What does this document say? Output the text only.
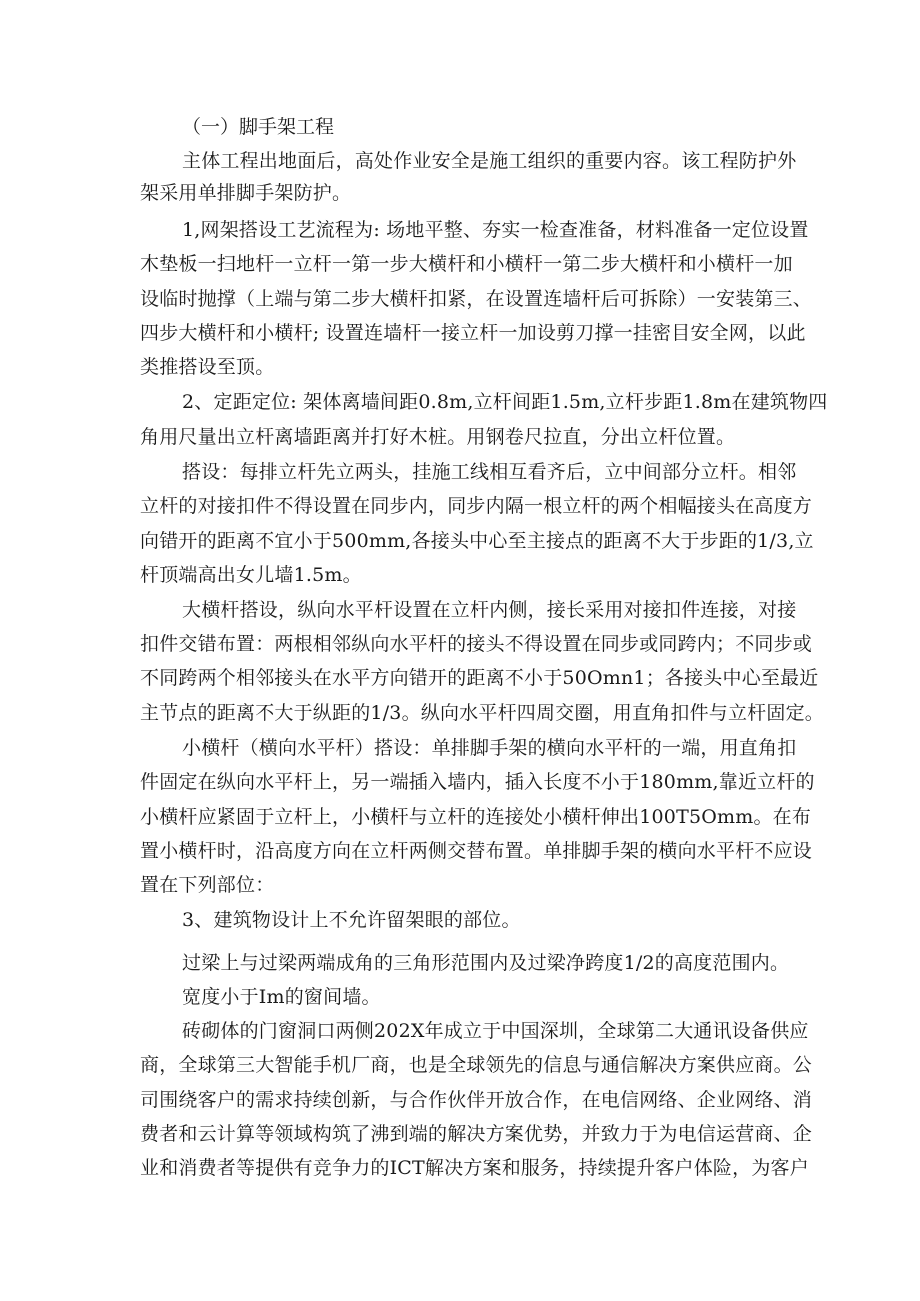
（一）脚手架工程
主体工程出地面后，高处作业安全是施工组织的重要内容。该工程防护外
架采用单排脚手架防护。
1,网架搭设工艺流程为: 场地平整、夯实一检查准备，材料准备一定位设置
木垫板一扫地杆一立杆一第一步大横杆和小横杆一第二步大横杆和小横杆一加
设临时抛撑（上端与第二步大横杆扣紧，在设置连墙杆后可拆除）一安装第三、
四步大横杆和小横杆; 设置连墙杆一接立杆一加设剪刀撑一挂密目安全网，以此
类推搭设至顶。
2、定距定位: 架体离墙间距0.8m,立杆间距1.5m,立杆步距1.8m在建筑物四
角用尺量出立杆离墙距离并打好木桩。用钢卷尺拉直，分出立杆位置。
搭设：每排立杆先立两头，挂施工线相互看齐后，立中间部分立杆。相邻
立杆的对接扣件不得设置在同步内，同步内隔一根立杆的两个相幅接头在高度方
向错开的距离不宜小于500mm,各接头中心至主接点的距离不大于步距的1/3,立
杆顶端高出女儿墙1.5m。
大横杆搭设，纵向水平杆设置在立杆内侧，接长采用对接扣件连接，对接
扣件交错布置：两根相邻纵向水平杆的接头不得设置在同步或同跨内；不同步或
不同跨两个相邻接头在水平方向错开的距离不小于50Omn1；各接头中心至最近
主节点的距离不大于纵距的1/3。纵向水平杆四周交圈，用直角扣件与立杆固定。
小横杆（横向水平杆）搭设：单排脚手架的横向水平杆的一端，用直角扣
件固定在纵向水平杆上，另一端插入墙内，插入长度不小于180mm,靠近立杆的
小横杆应紧固于立杆上，小横杆与立杆的连接处小横杆伸出100T5Omm。在布
置小横杆时，沿高度方向在立杆两侧交替布置。单排脚手架的横向水平杆不应设
置在下列部位：
3、建筑物设计上不允许留架眼的部位。
过梁上与过梁两端成角的三角形范围内及过梁净跨度1/2的高度范围内。
宽度小于Im的窗间墙。
砖砌体的门窗洞口两侧202X年成立于中国深圳，全球第二大通讯设备供应
商，全球第三大智能手机厂商，也是全球领先的信息与通信解决方案供应商。公
司围绕客户的需求持续创新，与合作伙伴开放合作，在电信网络、企业网络、消
费者和云计算等领域构筑了沸到端的解决方案优势，并致力于为电信运营商、企
业和消费者等提供有竞争力的ICT解决方案和服务，持续提升客户体险，为客户
